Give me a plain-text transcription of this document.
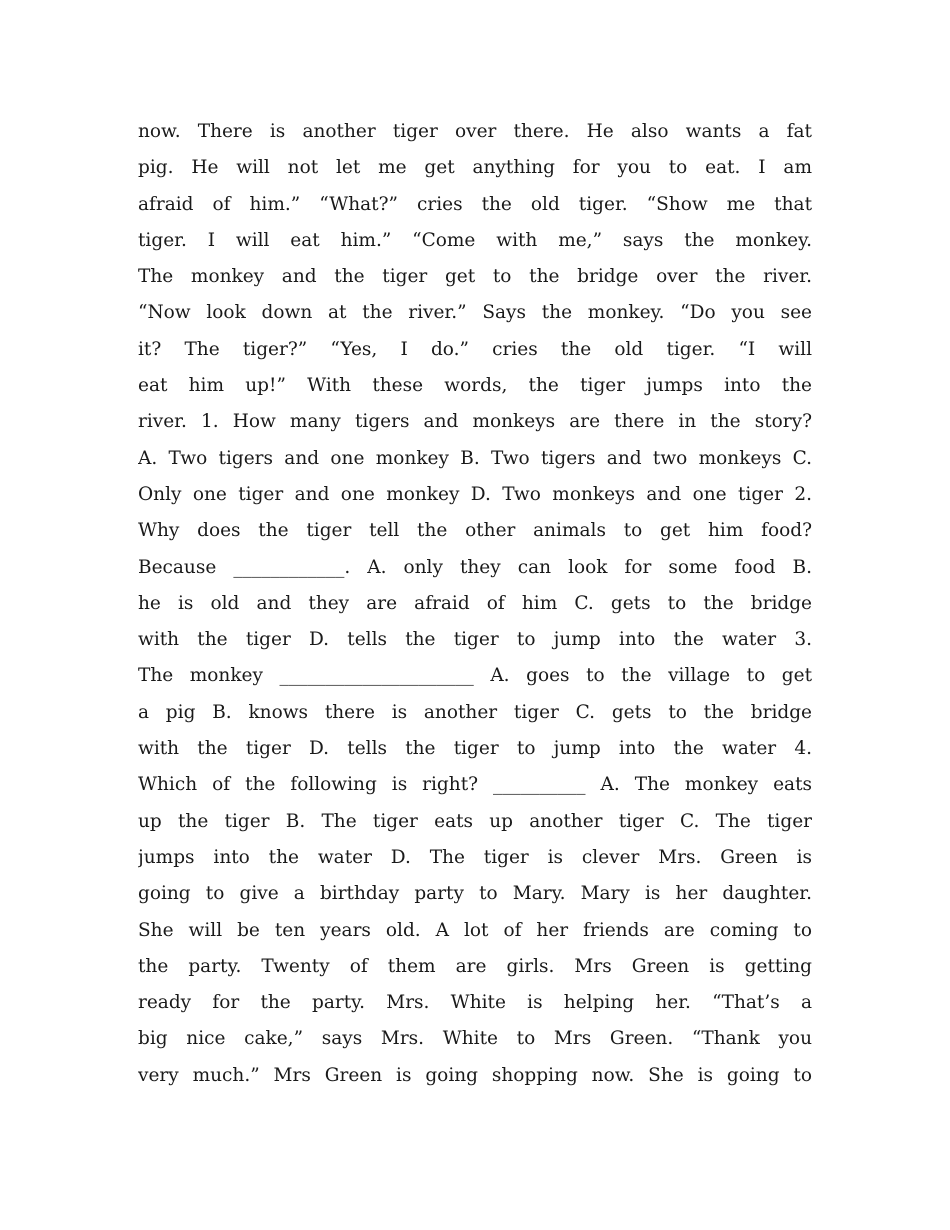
now. There is another tiger over there. He also wants a fat
pig. He will not let me get anything for you to eat. I am
afraid of him.” “What?” cries the old tiger. “Show me that
tiger. I will eat him.” “Come with me,” says the monkey.
The monkey and the tiger get to the bridge over the river.
“Now look down at the river.” Says the monkey. “Do you see
it? The tiger?” “Yes, I do.” cries the old tiger. “I will
eat him up!” With these words, the tiger jumps into the
river. 1. How many tigers and monkeys are there in the story?
A. Two tigers and one monkey B. Two tigers and two monkeys C.
Only one tiger and one monkey D. Two monkeys and one tiger 2.
Why does the tiger tell the other animals to get him food?
Because ____________. A. only they can look for some food B.
he is old and they are afraid of him C. gets to the bridge
with the tiger D. tells the tiger to jump into the water 3.
The monkey _____________________ A. goes to the village to get
a pig B. knows there is another tiger C. gets to the bridge
with the tiger D. tells the tiger to jump into the water 4.
Which of the following is right? __________ A. The monkey eats
up the tiger B. The tiger eats up another tiger C. The tiger
jumps into the water D. The tiger is clever Mrs. Green is
going to give a birthday party to Mary. Mary is her daughter.
She will be ten years old. A lot of her friends are coming to
the party. Twenty of them are girls. Mrs Green is getting
ready for the party. Mrs. White is helping her. “That’s a
big nice cake,” says Mrs. White to Mrs Green. “Thank you
very much.” Mrs Green is going shopping now. She is going to
